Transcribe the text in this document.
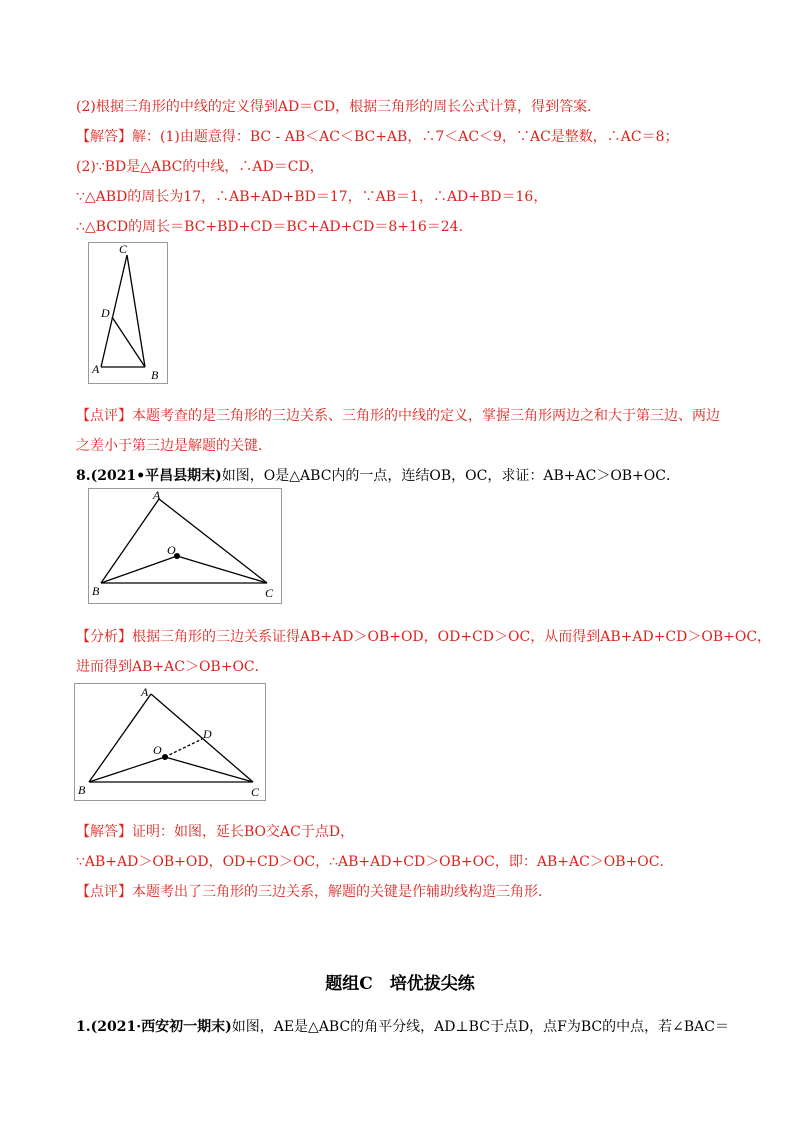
(2)根据三角形的中线的定义得到AD＝CD，根据三角形的周长公式计算，得到答案．
【解答】解：(1)由题意得：BC - AB＜AC＜BC+AB，∴7＜AC＜9，∵AC是整数，∴AC＝8；
(2)∵BD是△ABC的中线，∴AD＝CD，
∵△ABD的周长为17，∴AB+AD+BD＝17，∵AB＝1，∴AD+BD＝16，
∴△BCD的周长＝BC+BD+CD＝BC+AD+CD＝8+16＝24．
C
D
A	B
【点评】本题考查的是三角形的三边关系、三角形的中线的定义，掌握三角形两边之和大于第三边、两边
之差小于第三边是解题的关键．
8.(2021•平昌县期末)如图，O是△ABC内的一点，连结OB，OC，求证：AB+AC＞OB+OC．
A
O
B	C
【分析】根据三角形的三边关系证得AB+AD＞OB+OD，OD+CD＞OC，从而得到AB+AD+CD＞OB+OC，
进而得到AB+AC＞OB+OC．
A
O
D
B	C
【解答】证明：如图，延长BO交AC于点D，
∵AB+AD＞OB+OD，OD+CD＞OC，∴AB+AD+CD＞OB+OC，即：AB+AC＞OB+OC．
【点评】本题考出了三角形的三边关系，解题的关键是作辅助线构造三角形．
题组C　培优拔尖练
1.(2021·西安初一期末)如图，AE是△ABC的角平分线，AD⊥BC于点D，点F为BC的中点，若∠BAC＝
